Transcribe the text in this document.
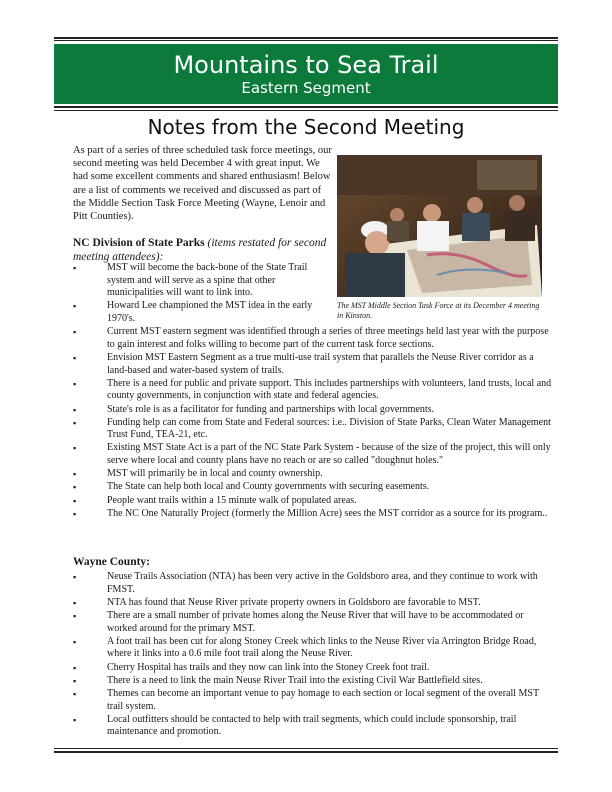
Mountains to Sea Trail
Eastern Segment
Notes from the Second Meeting
As part of a series of three scheduled task force meetings, our second meeting was held December 4 with great input. We had some excellent comments and shared enthusiasm! Below are a list of comments we received and discussed as part of the Middle Section Task Force Meeting (Wayne, Lenoir and Pitt Counties).
The MST Middle Section Task Force at its December 4 meeting in Kinston.
NC Division of State Parks (items restated for second meeting attendees):
▪	MST will become the back-bone of the State Trail system and will serve as a spine that other municipalities will want to link into.
▪	Howard Lee championed the MST idea in the early 1970's.
▪	Current MST eastern segment was identified through a series of three meetings held last year with the purpose to gain interest and folks willing to become part of the current task force sections.
▪	Envision MST Eastern Segment as a true multi-use trail system that parallels the Neuse River corridor as a land-based and water-based system of trails.
▪	There is a need for public and private support. This includes partnerships with volunteers, land trusts, local and county governments, in conjunction with state and federal agencies.
▪	State's role is as a facilitator for funding and partnerships with local governments.
▪	Funding help can come from State and Federal sources: i.e.. Division of State Parks, Clean Water Management Trust Fund, TEA-21, etc.
▪	Existing MST State Act is a part of the NC State Park System - because of the size of the project, this will only serve where local and county plans have no reach or are so called "doughnut holes."
▪	MST will primarily be in local and county ownership.
▪	The State can help both local and County governments with securing easements.
▪	People want trails within a 15 minute walk of populated areas.
▪	The NC One Naturally Project (formerly the Million Acre) sees the MST corridor as a source for its program..
Wayne County:
▪	Neuse Trails Association (NTA) has been very active in the Goldsboro area, and they continue to work with FMST.
▪	NTA has found that Neuse River private property owners in Goldsboro are favorable to MST.
▪	There are a small number of private homes along the Neuse River that will have to be accommodated or worked around for the primary MST.
▪	A foot trail has been cut for along Stoney Creek which links to the Neuse River via Arrington Bridge Road, where it links into a 0.6 mile foot trail along the Neuse River.
▪	Cherry Hospital has trails and they now can link into the Stoney Creek foot trail.
▪	There is a need to link the main Neuse River Trail into the existing Civil War Battlefield sites.
▪	Themes can become an important venue to pay homage to each section or local segment of the overall MST trail system.
▪	Local outfitters should be contacted to help with trail segments, which could include sponsorship, trail maintenance and promotion.
